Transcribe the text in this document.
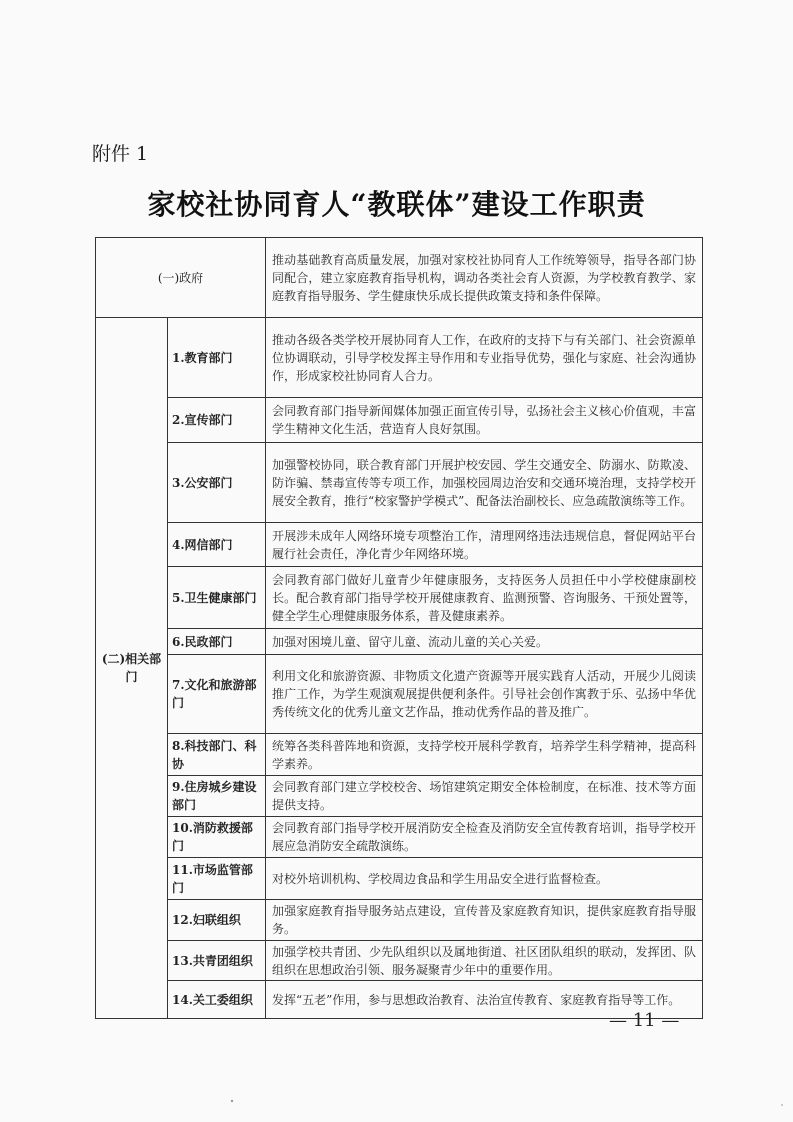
附件 1
家校社协同育人“教联体”建设工作职责
(一)政府		推动基础教育高质量发展，加强对家校社协同育人工作统筹领导，指导各部门协同配合，建立家庭教育指导机构，调动各类社会育人资源，为学校教育教学、家庭教育指导服务、学生健康快乐成长提供政策支持和条件保障。
(二)相关部门	1.教育部门	推动各级各类学校开展协同育人工作，在政府的支持下与有关部门、社会资源单位协调联动，引导学校发挥主导作用和专业指导优势，强化与家庭、社会沟通协作，形成家校社协同育人合力。
	2.宣传部门	会同教育部门指导新闻媒体加强正面宣传引导，弘扬社会主义核心价值观，丰富学生精神文化生活，营造育人良好氛围。
	3.公安部门	加强警校协同，联合教育部门开展护校安园、学生交通安全、防溺水、防欺凌、防诈骗、禁毒宣传等专项工作，加强校园周边治安和交通环境治理，支持学校开展安全教育，推行“校家警护学模式”、配备法治副校长、应急疏散演练等工作。
	4.网信部门	开展涉未成年人网络环境专项整治工作，清理网络违法违规信息，督促网站平台履行社会责任，净化青少年网络环境。
	5.卫生健康部门	会同教育部门做好儿童青少年健康服务，支持医务人员担任中小学校健康副校长。配合教育部门指导学校开展健康教育、监测预警、咨询服务、干预处置等，健全学生心理健康服务体系，普及健康素养。
	6.民政部门	加强对困境儿童、留守儿童、流动儿童的关心关爱。
	7.文化和旅游部门	利用文化和旅游资源、非物质文化遗产资源等开展实践育人活动，开展少儿阅读推广工作，为学生观演观展提供便利条件。引导社会创作寓教于乐、弘扬中华优秀传统文化的优秀儿童文艺作品，推动优秀作品的普及推广。
	8.科技部门、科协	统筹各类科普阵地和资源，支持学校开展科学教育，培养学生科学精神，提高科学素养。
	9.住房城乡建设部门	会同教育部门建立学校校舍、场馆建筑定期安全体检制度，在标准、技术等方面提供支持。
	10.消防救援部门	会同教育部门指导学校开展消防安全检查及消防安全宣传教育培训，指导学校开展应急消防安全疏散演练。
	11.市场监管部门	对校外培训机构、学校周边食品和学生用品安全进行监督检查。
	12.妇联组织	加强家庭教育指导服务站点建设，宣传普及家庭教育知识，提供家庭教育指导服务。
	13.共青团组织	加强学校共青团、少先队组织以及属地街道、社区团队组织的联动，发挥团、队组织在思想政治引领、服务凝聚青少年中的重要作用。
	14.关工委组织	发挥“五老”作用，参与思想政治教育、法治宣传教育、家庭教育指导等工作。
— 11 —
